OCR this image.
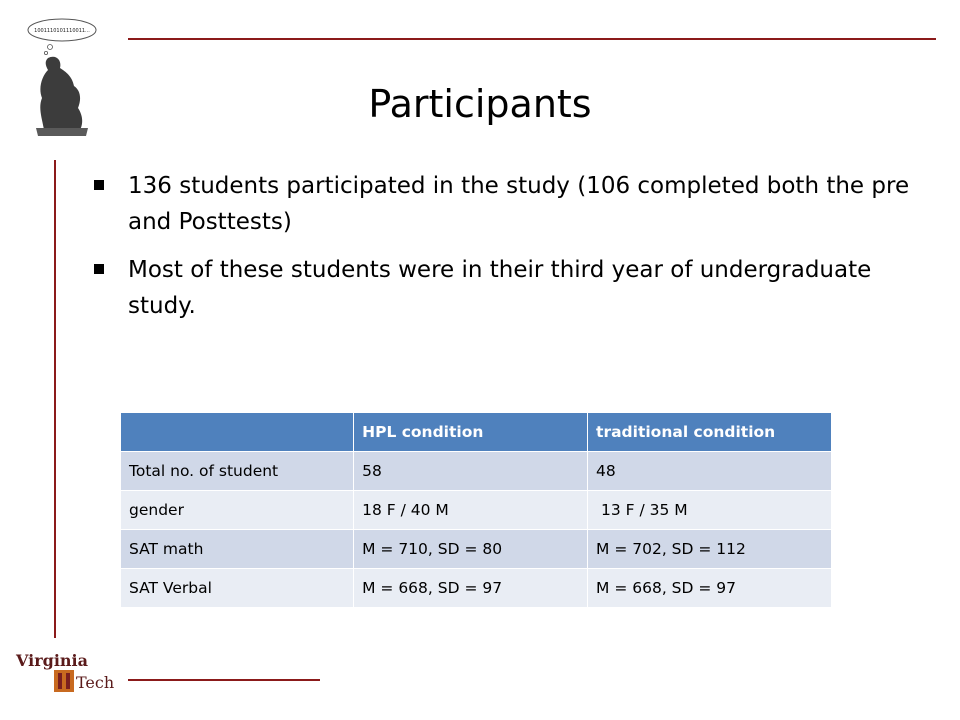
1001110101110011...
Participants
136 students participated in the study (106 completed both the pre and Posttests)
Most of these students were in their third year of undergraduate study.
	HPL condition	traditional condition
Total no. of student	58	48
gender	18 F / 40 M	13 F / 35 M
SAT math	M = 710, SD = 80	M = 702, SD = 112
SAT Verbal	M = 668, SD = 97	M = 668, SD = 97
Virginia
Tech
